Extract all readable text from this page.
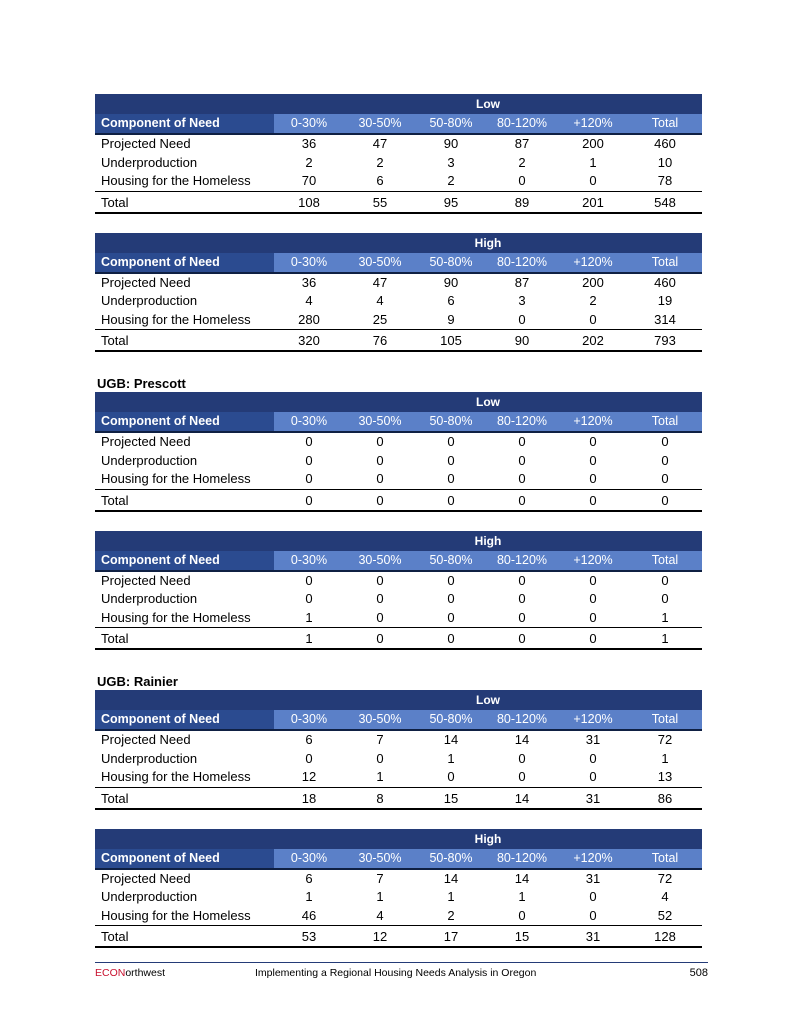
Low
Component of Need	0-30%	30-50%	50-80%	80-120%	+120%	Total
Projected Need	36	47	90	87	200	460
Underproduction	2	2	3	2	1	10
Housing for the Homeless	70	6	2	0	0	78
Total	108	55	95	89	201	548
High
Component of Need	0-30%	30-50%	50-80%	80-120%	+120%	Total
Projected Need	36	47	90	87	200	460
Underproduction	4	4	6	3	2	19
Housing for the Homeless	280	25	9	0	0	314
Total	320	76	105	90	202	793
UGB: Prescott
Low
Component of Need	0-30%	30-50%	50-80%	80-120%	+120%	Total
Projected Need	0	0	0	0	0	0
Underproduction	0	0	0	0	0	0
Housing for the Homeless	0	0	0	0	0	0
Total	0	0	0	0	0	0
High
Component of Need	0-30%	30-50%	50-80%	80-120%	+120%	Total
Projected Need	0	0	0	0	0	0
Underproduction	0	0	0	0	0	0
Housing for the Homeless	1	0	0	0	0	1
Total	1	0	0	0	0	1
UGB: Rainier
Low
Component of Need	0-30%	30-50%	50-80%	80-120%	+120%	Total
Projected Need	6	7	14	14	31	72
Underproduction	0	0	1	0	0	1
Housing for the Homeless	12	1	0	0	0	13
Total	18	8	15	14	31	86
High
Component of Need	0-30%	30-50%	50-80%	80-120%	+120%	Total
Projected Need	6	7	14	14	31	72
Underproduction	1	1	1	1	0	4
Housing for the Homeless	46	4	2	0	0	52
Total	53	12	17	15	31	128
ECONorthwest	Implementing a Regional Housing Needs Analysis in Oregon	508
